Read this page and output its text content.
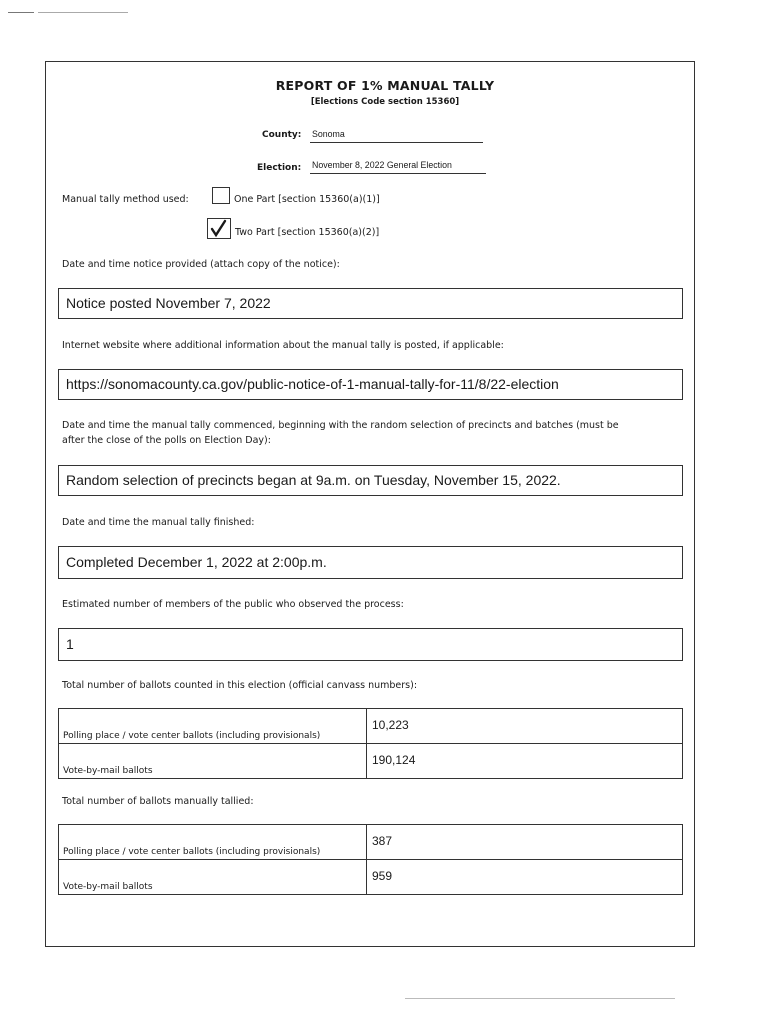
REPORT OF 1% MANUAL TALLY
[Elections Code section 15360]
County: Sonoma
Election: November 8, 2022 General Election
Manual tally method used:	One Part [section 15360(a)(1)]
Two Part [section 15360(a)(2)]
Date and time notice provided (attach copy of the notice):
Notice posted November 7, 2022
Internet website where additional information about the manual tally is posted, if applicable:
https://sonomacounty.ca.gov/public-notice-of-1-manual-tally-for-11/8/22-election
Date and time the manual tally commenced, beginning with the random selection of precincts and batches (must be
after the close of the polls on Election Day):
Random selection of precincts began at 9a.m. on Tuesday, November 15, 2022.
Date and time the manual tally finished:
Completed December 1, 2022 at 2:00p.m.
Estimated number of members of the public who observed the process:
1
Total number of ballots counted in this election (official canvass numbers):
Polling place / vote center ballots (including provisionals)	10,223
Vote-by-mail ballots	190,124
Total number of ballots manually tallied:
Polling place / vote center ballots (including provisionals)	387
Vote-by-mail ballots	959
